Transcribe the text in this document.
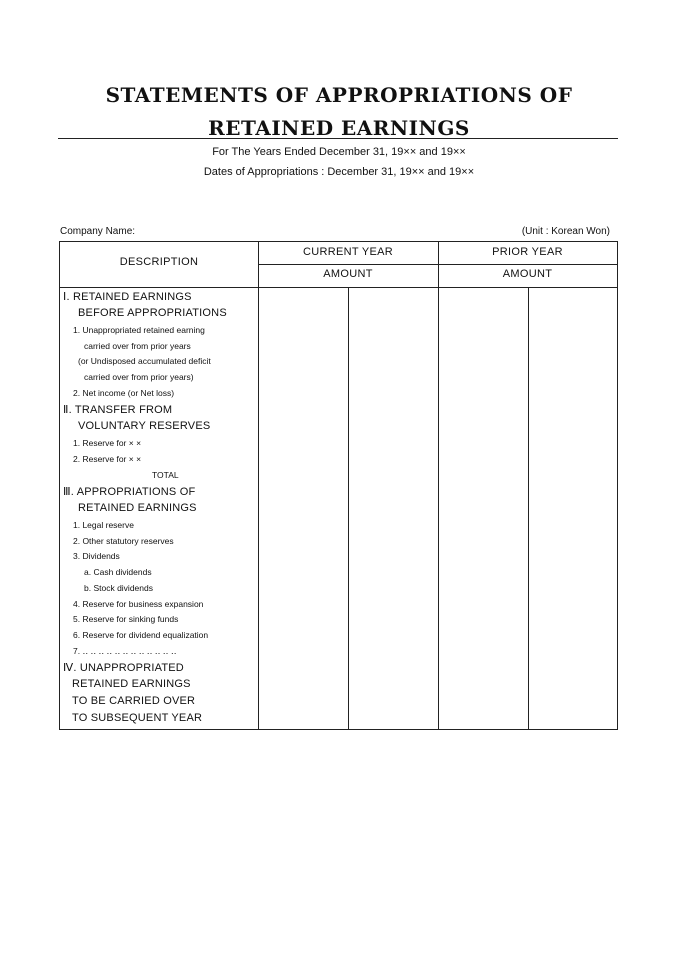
STATEMENTS OF APPROPRIATIONS OF
RETAINED EARNINGS
For The Years Ended December 31, 19×× and 19××
Dates of Appropriations : December 31, 19×× and 19××
Company Name:	(Unit : Korean Won)
DESCRIPTION
CURRENT YEAR	PRIOR YEAR
AMOUNT	AMOUNT
Ⅰ. RETAINED EARNINGS
BEFORE APPROPRIATIONS
1. Unappropriated retained earning
carried over from prior years
(or Undisposed accumulated deficit
carried over from prior years)
2. Net income (or Net loss)
Ⅱ. TRANSFER FROM
VOLUNTARY RESERVES
1. Reserve for × ×
2. Reserve for × ×
TOTAL
Ⅲ. APPROPRIATIONS OF
RETAINED EARNINGS
1. Legal reserve
2. Other statutory reserves
3. Dividends
a. Cash dividends
b. Stock dividends
4. Reserve for business expansion
5. Reserve for sinking funds
6. Reserve for dividend equalization
7. ‥ ‥ ‥ ‥ ‥ ‥ ‥ ‥ ‥ ‥ ‥ ‥
Ⅳ. UNAPPROPRIATED
RETAINED EARNINGS
TO BE CARRIED OVER
TO SUBSEQUENT YEAR
